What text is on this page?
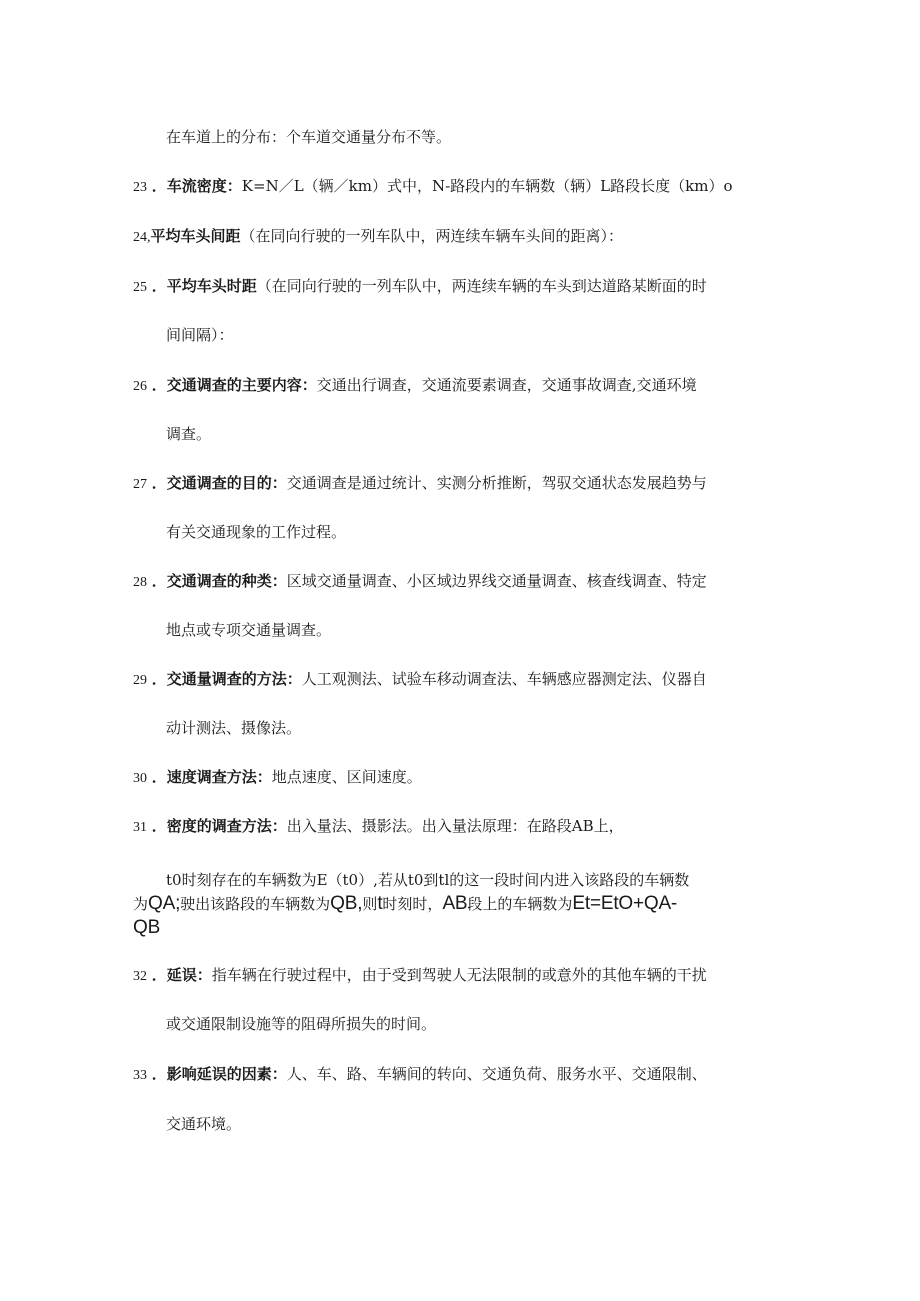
在车道上的分布：个车道交通量分布不等。
23 ．车流密度：K=N／L（辆／km）式中，N-路段内的车辆数（辆）L路段长度（km）o
24,平均车头间距（在同向行驶的一列车队中，两连续车辆车头间的距离）：
25 ．平均车头时距（在同向行驶的一列车队中，两连续车辆的车头到达道路某断面的时
间间隔）：
26 ．交通调查的主要内容：交通出行调查，交通流要素调查，交通事故调查,交通环境
调查。
27 ．交通调查的目的：交通调查是通过统计、实测分析推断，驾驭交通状态发展趋势与
有关交通现象的工作过程。
28 ．交通调查的种类：区域交通量调查、小区域边界线交通量调查、核查线调查、特定
地点或专项交通量调查。
29 ．交通量调查的方法：人工观测法、试验车移动调查法、车辆感应器测定法、仪器自
动计测法、摄像法。
30 ．速度调查方法：地点速度、区间速度。
31 ．密度的调查方法：出入量法、摄影法。出入量法原理：在路段AB上，
t0时刻存在的车辆数为E（t0）,若从t0到tl的这一段时间内进入该路段的车辆数
为QA;驶出该路段的车辆数为QB,则t时刻时，AB段上的车辆数为Et=EtO+QA-
QB
32 ．延误：指车辆在行驶过程中，由于受到驾驶人无法限制的或意外的其他车辆的干扰
或交通限制设施等的阻碍所损失的时间。
33 ．影响延误的因素：人、车、路、车辆间的转向、交通负荷、服务水平、交通限制、
交通环境。
